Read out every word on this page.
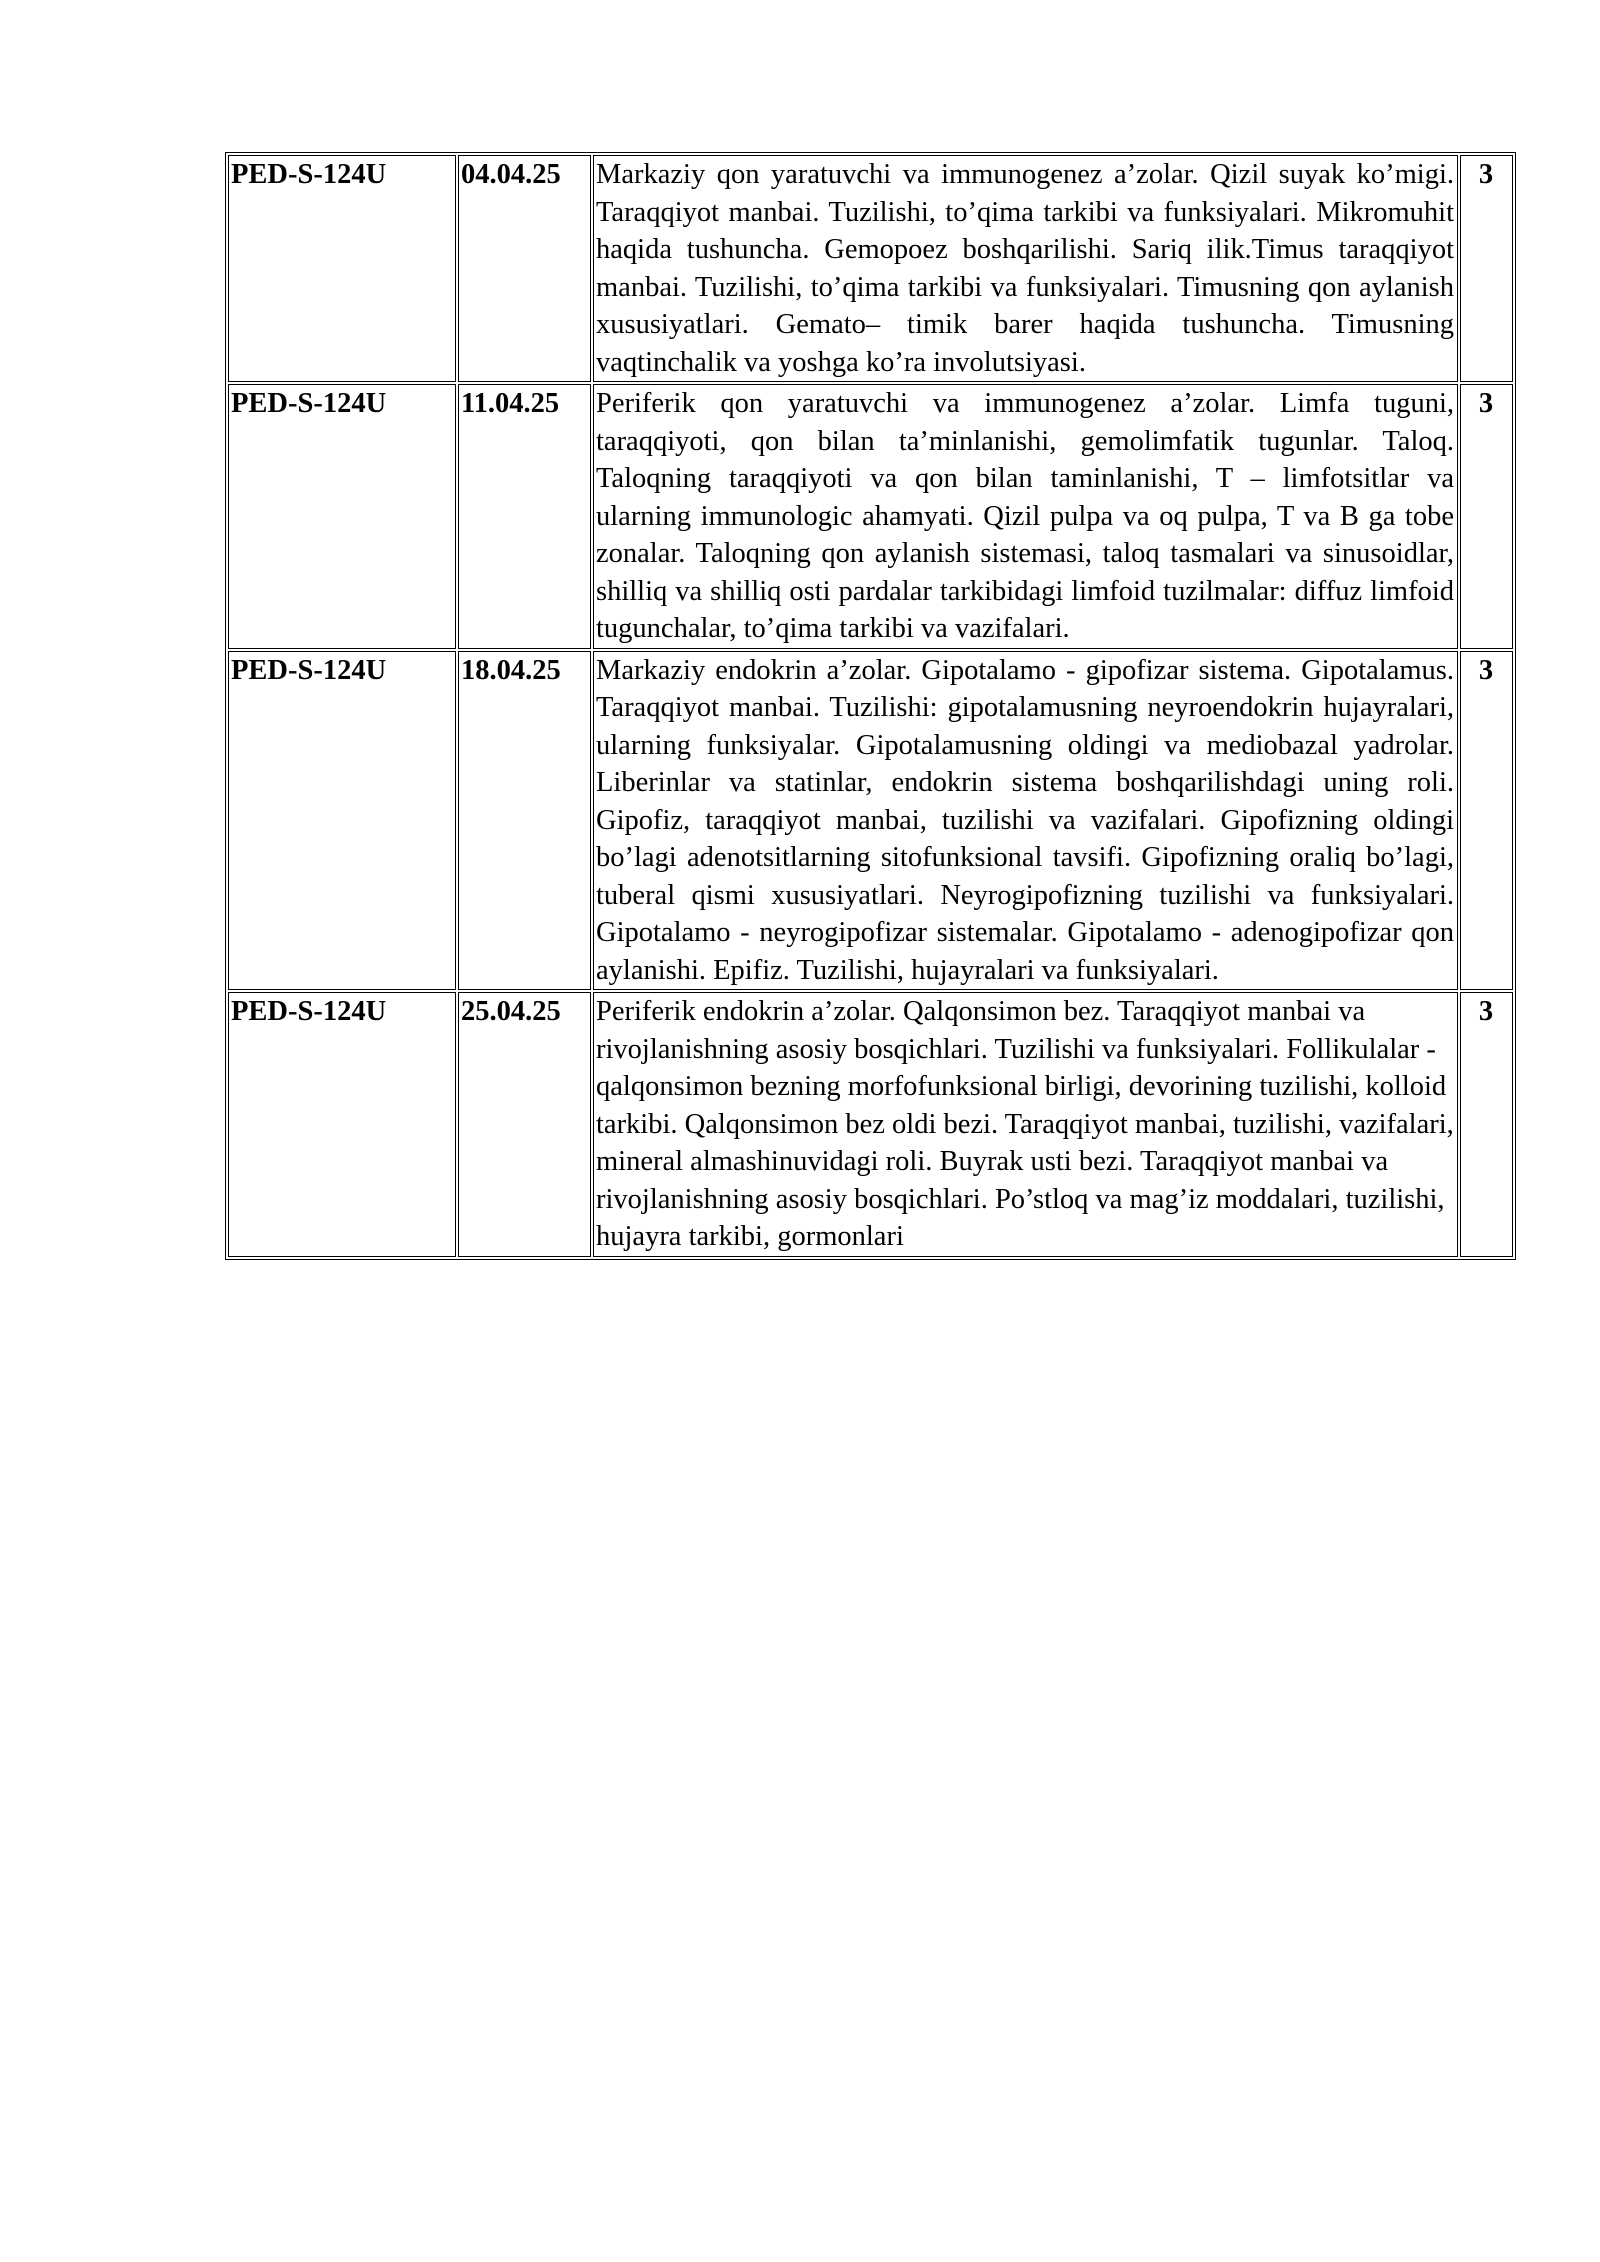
PED-S-124U	04.04.25	Markaziy qon yaratuvchi va immunogenez a’zolar. Qizil suyak ko’migi. Taraqqiyot manbai. Tuzilishi, to’qima tarkibi va funksiyalari. Mikromuhit haqida tushuncha. Gemopoez boshqarilishi. Sariq ilik.Timus taraqqiyot manbai. Tuzilishi, to’qima tarkibi va funksiyalari. Timusning qon aylanish xususiyatlari. Gemato– timik barer haqida tushuncha. Timusning vaqtinchalik va yoshga ko’ra involutsiyasi.	3
PED-S-124U	11.04.25	Periferik qon yaratuvchi va immunogenez a’zolar. Limfa tuguni, taraqqiyoti, qon bilan ta’minlanishi, gemolimfatik tugunlar. Taloq. Taloqning taraqqiyoti va qon bilan taminlanishi, T – limfotsitlar va ularning immunologic ahamyati. Qizil pulpa va oq pulpa, T va B ga tobe zonalar. Taloqning qon aylanish sistemasi, taloq tasmalari va sinusoidlar, shilliq va shilliq osti pardalar tarkibidagi limfoid tuzilmalar: diffuz limfoid tugunchalar, to’qima tarkibi va vazifalari.	3
PED-S-124U	18.04.25	Markaziy endokrin a’zolar. Gipotalamo - gipofizar sistema. Gipotalamus. Taraqqiyot manbai. Tuzilishi: gipotalamusning neyroendokrin hujayralari, ularning funksiyalar. Gipotalamusning oldingi va mediobazal yadrolar. Liberinlar va statinlar, endokrin sistema boshqarilishdagi uning roli. Gipofiz, taraqqiyot manbai, tuzilishi va vazifalari. Gipofizning oldingi bo’lagi adenotsitlarning sitofunksional tavsifi. Gipofizning oraliq bo’lagi, tuberal qismi xususiyatlari. Neyrogipofizning tuzilishi va funksiyalari. Gipotalamo - neyrogipofizar sistemalar. Gipotalamo - adenogipofizar qon aylanishi. Epifiz. Tuzilishi, hujayralari va funksiyalari.	3
PED-S-124U	25.04.25	Periferik endokrin a’zolar. Qalqonsimon bez. Taraqqiyot manbai va rivojlanishning asosiy bosqichlari. Tuzilishi va funksiyalari. Follikulalar - qalqonsimon bezning morfofunksional birligi, devorining tuzilishi, kolloid tarkibi. Qalqonsimon bez oldi bezi. Taraqqiyot manbai, tuzilishi, vazifalari, mineral almashinuvidagi roli. Buyrak usti bezi. Taraqqiyot manbai va rivojlanishning asosiy bosqichlari. Po’stloq va mag’iz moddalari, tuzilishi, hujayra tarkibi, gormonlari	3
